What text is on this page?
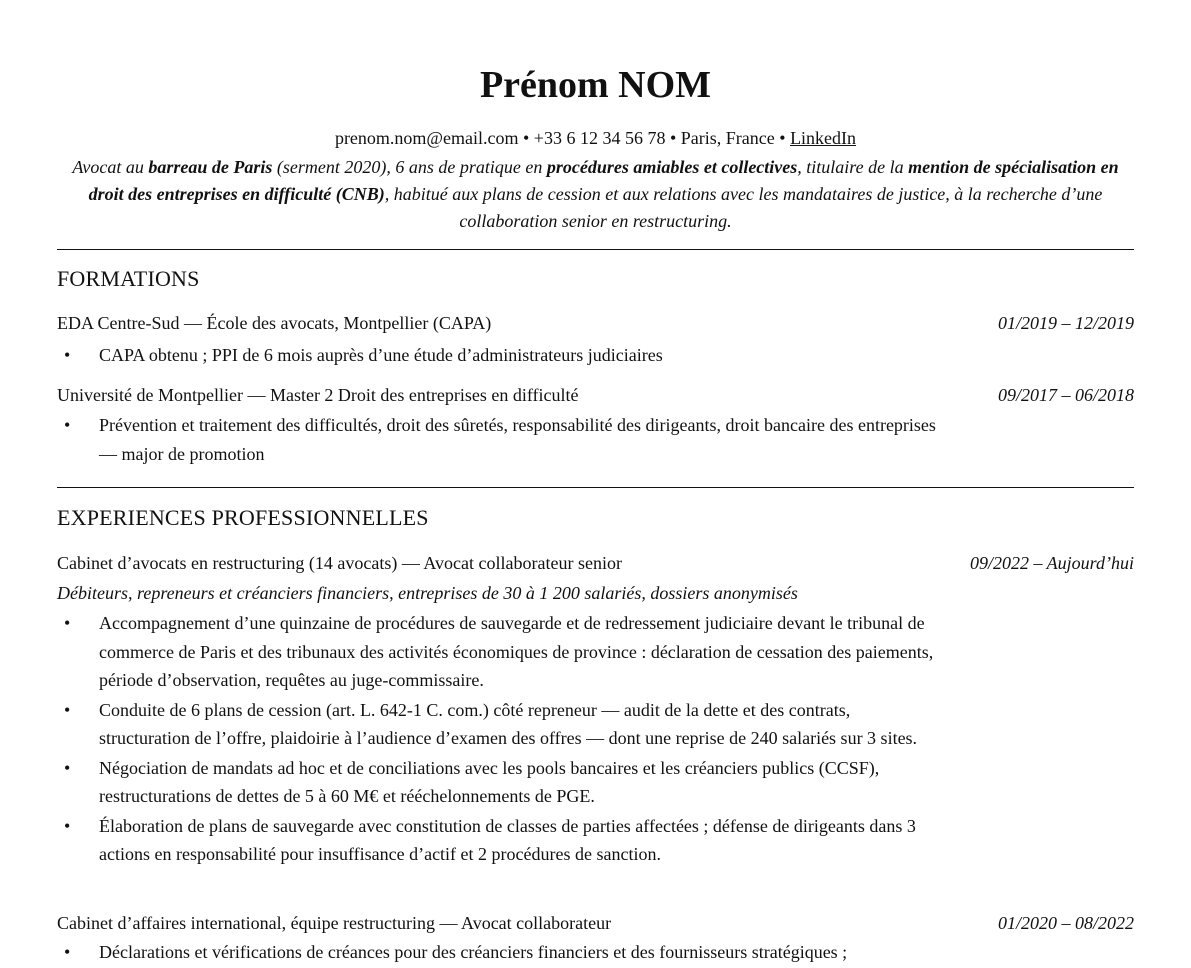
Prénom NOM
prenom.nom@email.com • +33 6 12 34 56 78 • Paris, France • LinkedIn
Avocat au barreau de Paris (serment 2020), 6 ans de pratique en procédures amiables et collectives, titulaire de la mention de spécialisation en droit des entreprises en difficulté (CNB), habitué aux plans de cession et aux relations avec les mandataires de justice, à la recherche d’une collaboration senior en restructuring.
FORMATIONS
EDA Centre-Sud — École des avocats, Montpellier (CAPA)	01/2019 – 12/2019
• CAPA obtenu ; PPI de 6 mois auprès d’une étude d’administrateurs judiciaires
Université de Montpellier — Master 2 Droit des entreprises en difficulté	09/2017 – 06/2018
• Prévention et traitement des difficultés, droit des sûretés, responsabilité des dirigeants, droit bancaire des entreprises — major de promotion
EXPERIENCES PROFESSIONNELLES
Cabinet d’avocats en restructuring (14 avocats) — Avocat collaborateur senior	09/2022 – Aujourd’hui
Débiteurs, repreneurs et créanciers financiers, entreprises de 30 à 1 200 salariés, dossiers anonymisés
• Accompagnement d’une quinzaine de procédures de sauvegarde et de redressement judiciaire devant le tribunal de commerce de Paris et des tribunaux des activités économiques de province : déclaration de cessation des paiements, période d’observation, requêtes au juge-commissaire.
• Conduite de 6 plans de cession (art. L. 642-1 C. com.) côté repreneur — audit de la dette et des contrats, structuration de l’offre, plaidoirie à l’audience d’examen des offres — dont une reprise de 240 salariés sur 3 sites.
• Négociation de mandats ad hoc et de conciliations avec les pools bancaires et les créanciers publics (CCSF), restructurations de dettes de 5 à 60 M€ et rééchelonnements de PGE.
• Élaboration de plans de sauvegarde avec constitution de classes de parties affectées ; défense de dirigeants dans 3 actions en responsabilité pour insuffisance d’actif et 2 procédures de sanction.
Cabinet d’affaires international, équipe restructuring — Avocat collaborateur	01/2020 – 08/2022
• Déclarations et vérifications de créances pour des créanciers financiers et des fournisseurs stratégiques ;
